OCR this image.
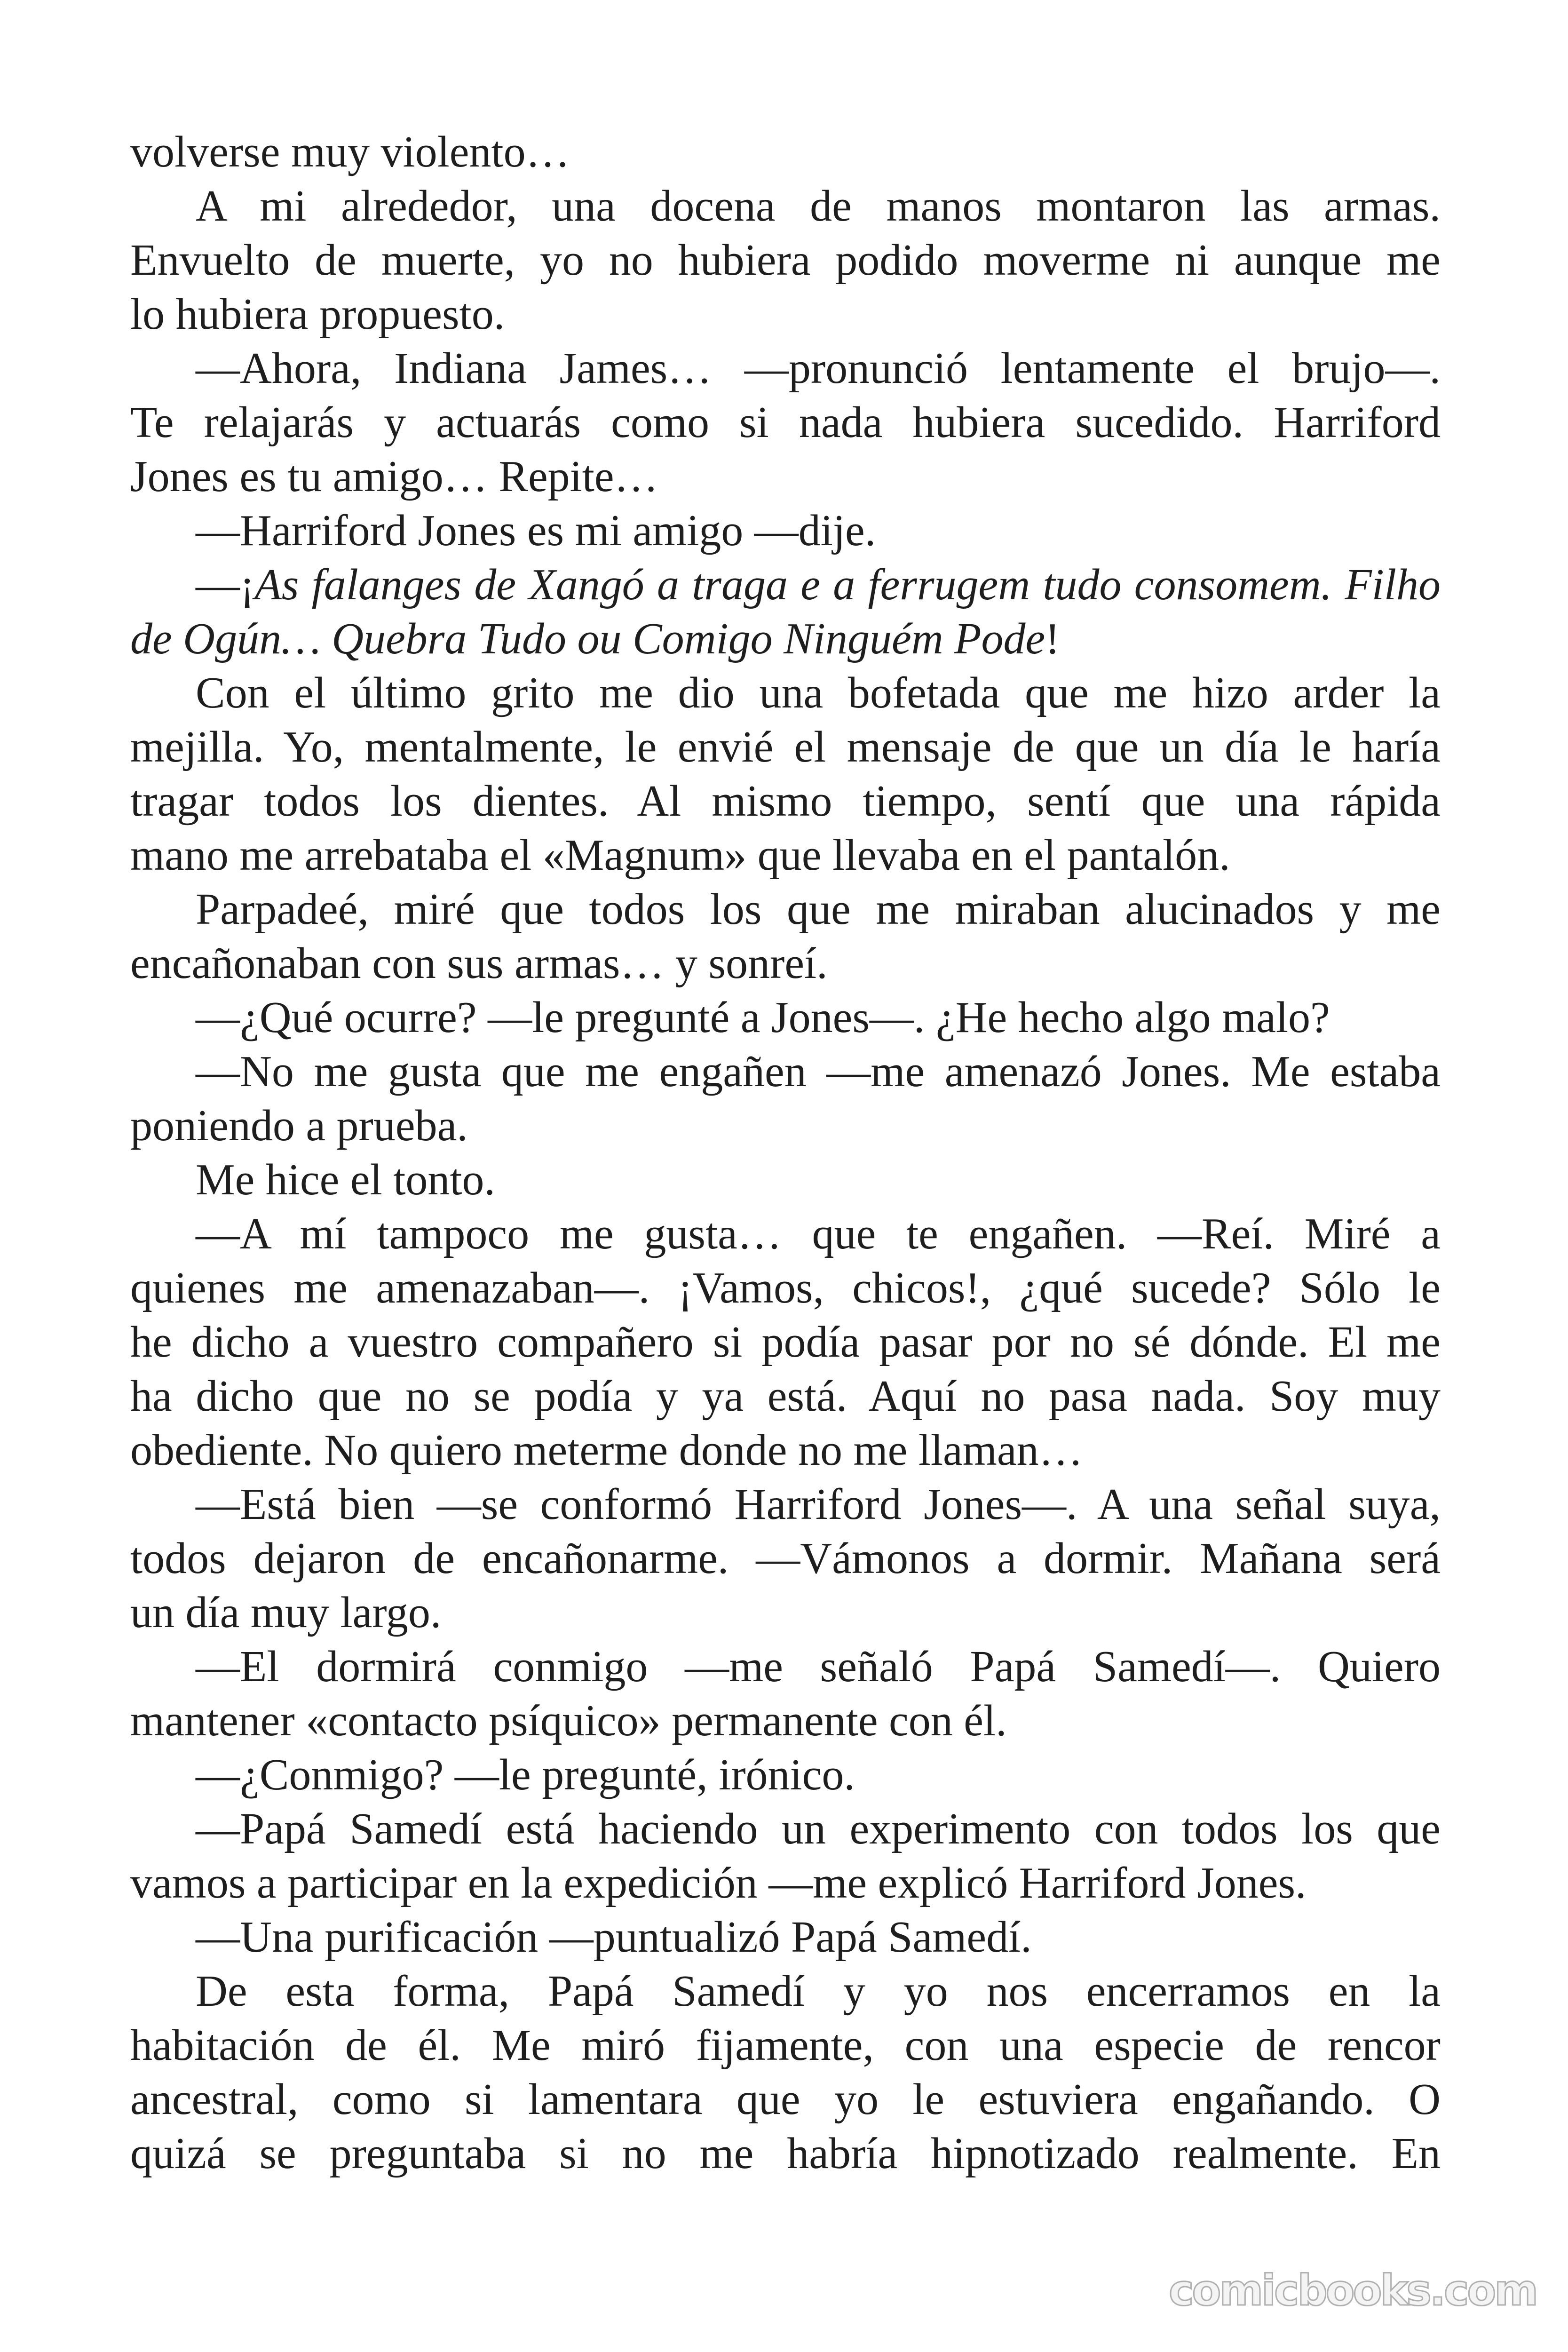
volverse muy violento…
A mi alrededor, una docena de manos montaron las armas.
Envuelto de muerte, yo no hubiera podido moverme ni aunque me
lo hubiera propuesto.
—Ahora, Indiana James… —pronunció lentamente el brujo—.
Te relajarás y actuarás como si nada hubiera sucedido. Harriford
Jones es tu amigo… Repite…
—Harriford Jones es mi amigo —dije.
—¡As falanges de Xangó a traga e a ferrugem tudo consomem. Filho
de Ogún… Quebra Tudo ou Comigo Ninguém Pode!
Con el último grito me dio una bofetada que me hizo arder la
mejilla. Yo, mentalmente, le envié el mensaje de que un día le haría
tragar todos los dientes. Al mismo tiempo, sentí que una rápida
mano me arrebataba el «Magnum» que llevaba en el pantalón.
Parpadeé, miré que todos los que me miraban alucinados y me
encañonaban con sus armas… y sonreí.
—¿Qué ocurre? —le pregunté a Jones—. ¿He hecho algo malo?
—No me gusta que me engañen —me amenazó Jones. Me estaba
poniendo a prueba.
Me hice el tonto.
—A mí tampoco me gusta… que te engañen. —Reí. Miré a
quienes me amenazaban—. ¡Vamos, chicos!, ¿qué sucede? Sólo le
he dicho a vuestro compañero si podía pasar por no sé dónde. El me
ha dicho que no se podía y ya está. Aquí no pasa nada. Soy muy
obediente. No quiero meterme donde no me llaman…
—Está bien —se conformó Harriford Jones—. A una señal suya,
todos dejaron de encañonarme. —Vámonos a dormir. Mañana será
un día muy largo.
—El dormirá conmigo —me señaló Papá Samedí—. Quiero
mantener «contacto psíquico» permanente con él.
—¿Conmigo? —le pregunté, irónico.
—Papá Samedí está haciendo un experimento con todos los que
vamos a participar en la expedición —me explicó Harriford Jones.
—Una purificación —puntualizó Papá Samedí.
De esta forma, Papá Samedí y yo nos encerramos en la
habitación de él. Me miró fijamente, con una especie de rencor
ancestral, como si lamentara que yo le estuviera engañando. O
quizá se preguntaba si no me habría hipnotizado realmente. En
comicbooks.com
